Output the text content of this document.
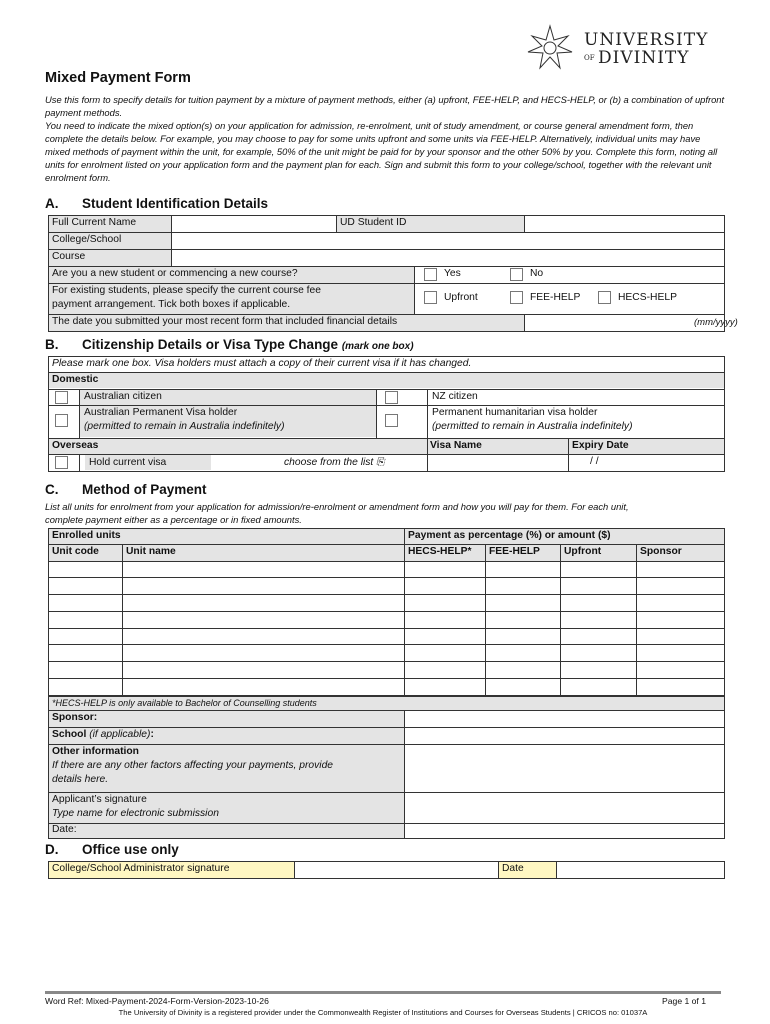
UNIVERSITY
OF DIVINITY
Mixed Payment Form

Use this form to specify details for tuition payment by a mixture of payment methods, either (a) upfront, FEE-HELP, and HECS-HELP, or (b) a combination of upfront payment methods.

You need to indicate the mixed option(s) on your application for admission, re-enrolment, unit of study amendment, or course general amendment form, then complete the details below. For example, you may choose to pay for some units upfront and some units via FEE-HELP. Alternatively, individual units may have mixed methods of payment within the unit, for example, 50% of the unit might be paid for by your sponsor and the other 50% by you. Complete this form, noting all units for enrolment listed on your application form and the payment plan for each. Sign and submit this form to your college/school, together with the relevant unit enrolment form.

A. Student Identification Details
Full Current Name	UD Student ID
College/School
Course
Are you a new student or commencing a new course?	Yes	No
For existing students, please specify the current course fee
payment arrangement. Tick both boxes if applicable.
Upfront	FEE-HELP	HECS-HELP
The date you submitted your most recent form that included financial details	(mm/yyyy)
B. Citizenship Details or Visa Type Change (mark one box)
Please mark one box. Visa holders must attach a copy of their current visa if it has changed.
Domestic
Australian citizen	NZ citizen
Australian Permanent Visa holder
(permitted to remain in Australia indefinitely)
Permanent humanitarian visa holder
(permitted to remain in Australia indefinitely)
Overseas	Visa Name	Expiry Date
Hold current visa	choose from the list ⎘	/ /
C. Method of Payment
List all units for enrolment from your application for admission/re-enrolment or amendment form and how you will pay for them. For each unit,
complete payment either as a percentage or in fixed amounts.
Enrolled units	Payment as percentage (%) or amount ($)
Unit code	Unit name	HECS-HELP*	FEE-HELP	Upfront	Sponsor
*HECS-HELP is only available to Bachelor of Counselling students
Sponsor:
School (if applicable):
Other information
If there are any other factors affecting your payments, provide
details here.
Applicant’s signature
Type name for electronic submission
Date:
D. Office use only
College/School Administrator signature	Date
Word Ref: Mixed-Payment-2024-Form-Version-2023-10-26	Page 1 of 1
The University of Divinity is a registered provider under the Commonwealth Register of Institutions and Courses for Overseas Students | CRICOS no: 01037A
